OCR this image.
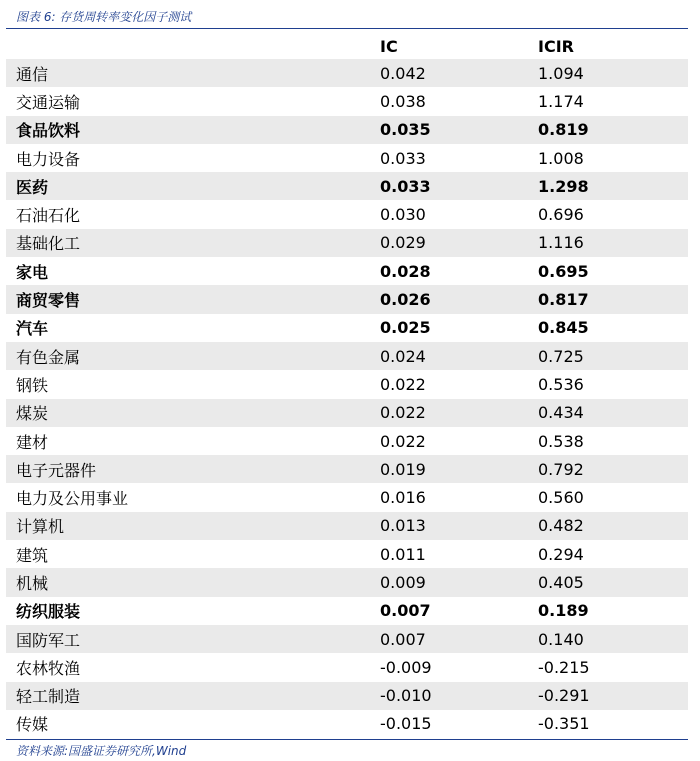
图表 6: 存货周转率变化因子测试
	IC	ICIR
通信	0.042	1.094
交通运输	0.038	1.174
食品饮料	0.035	0.819
电力设备	0.033	1.008
医药	0.033	1.298
石油石化	0.030	0.696
基础化工	0.029	1.116
家电	0.028	0.695
商贸零售	0.026	0.817
汽车	0.025	0.845
有色金属	0.024	0.725
钢铁	0.022	0.536
煤炭	0.022	0.434
建材	0.022	0.538
电子元器件	0.019	0.792
电力及公用事业	0.016	0.560
计算机	0.013	0.482
建筑	0.011	0.294
机械	0.009	0.405
纺织服装	0.007	0.189
国防军工	0.007	0.140
农林牧渔	-0.009	-0.215
轻工制造	-0.010	-0.291
传媒	-0.015	-0.351
资料来源:国盛证券研究所,Wind
